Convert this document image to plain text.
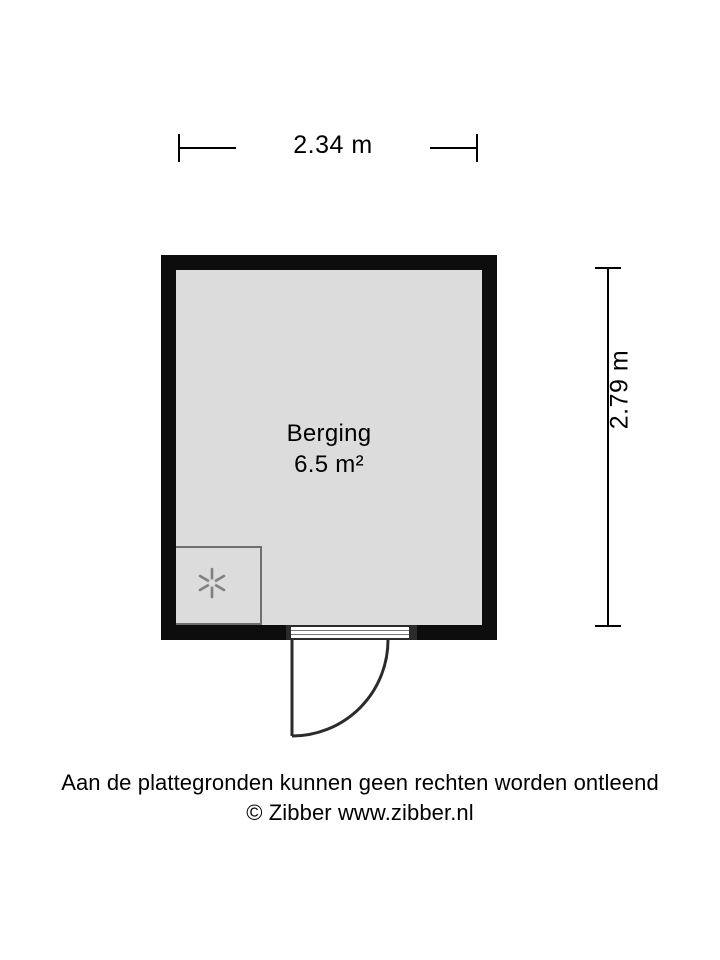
2.34 m
2.79 m
Berging
6.5 m²
Aan de plattegronden kunnen geen rechten worden ontleend
© Zibber www.zibber.nl
